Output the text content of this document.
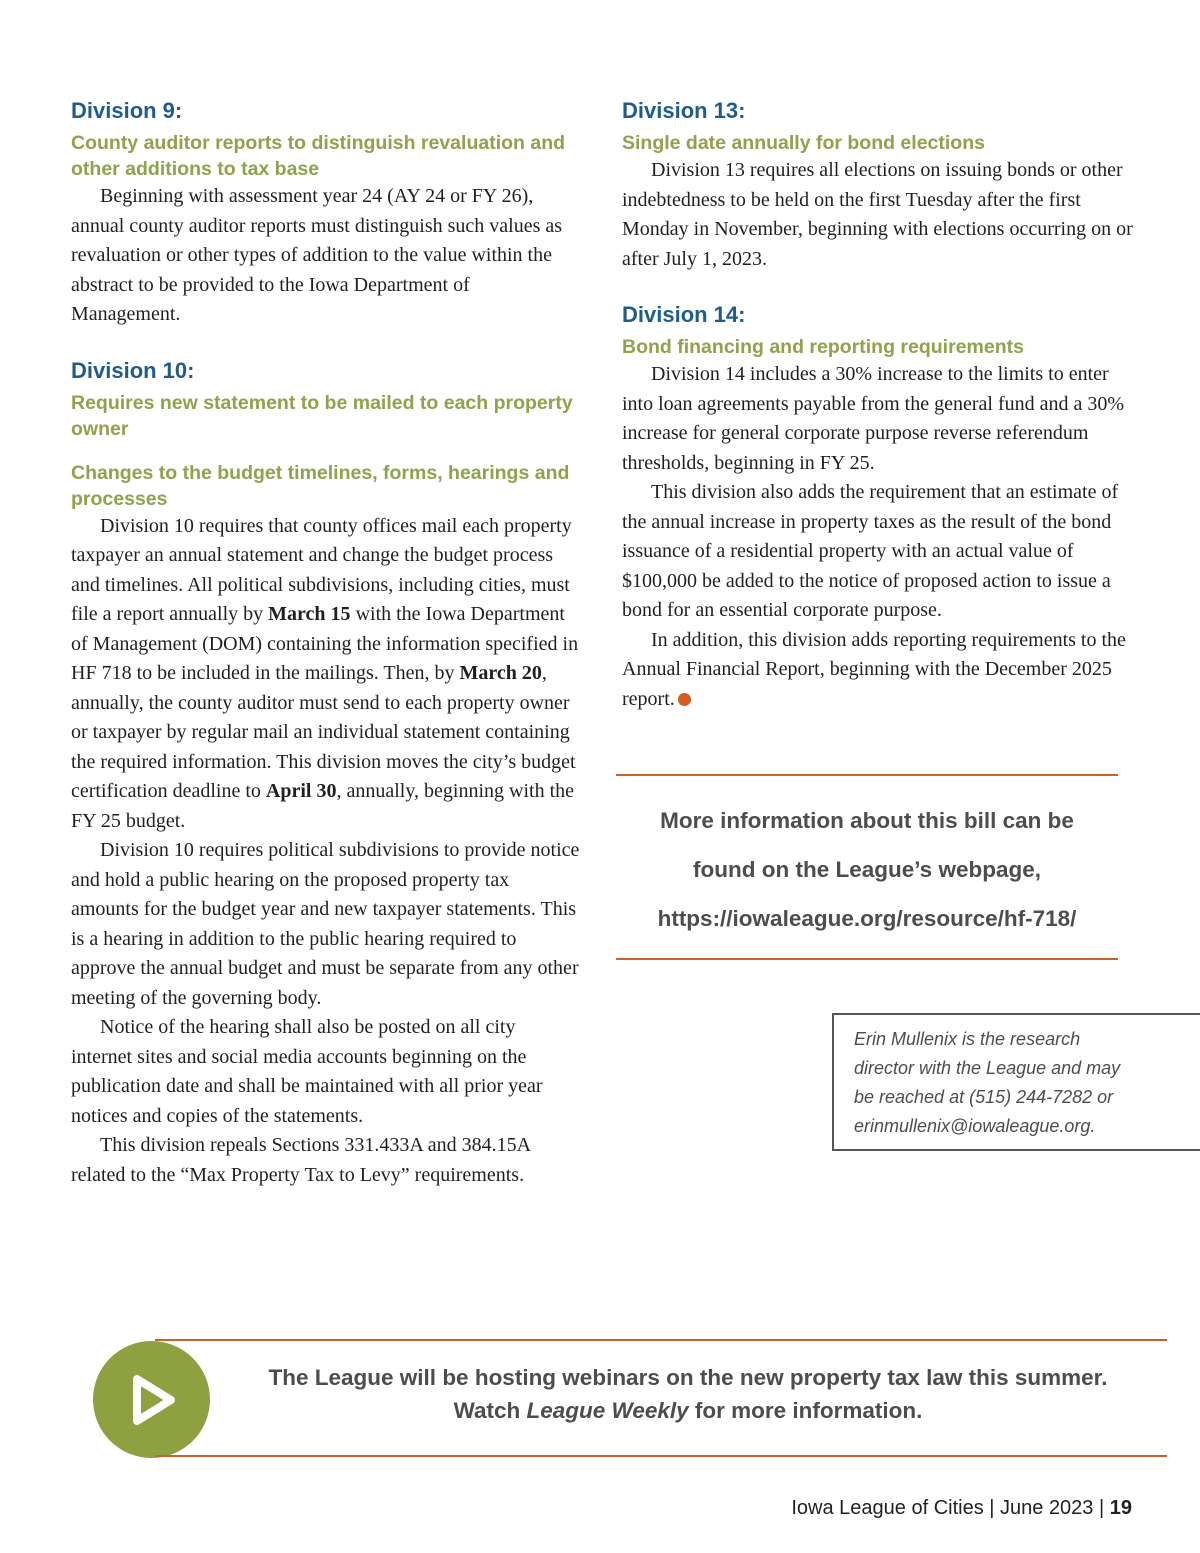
Division 9:
County auditor reports to distinguish revaluation and other additions to tax base

Beginning with assessment year 24 (AY 24 or FY 26), annual county auditor reports must distinguish such values as revaluation or other types of addition to the value within the abstract to be provided to the Iowa Department of Management.

Division 10:
Requires new statement to be mailed to each property owner
Changes to the budget timelines, forms, hearings and processes

Division 10 requires that county offices mail each property taxpayer an annual statement and change the budget process and timelines. All political subdivisions, including cities, must file a report annually by March 15 with the Iowa Department of Management (DOM) containing the information specified in HF 718 to be included in the mailings. Then, by March 20, annually, the county auditor must send to each property owner or taxpayer by regular mail an individual statement containing the required information. This division moves the city’s budget certification deadline to April 30, annually, beginning with the FY 25 budget.

Division 10 requires political subdivisions to provide notice and hold a public hearing on the proposed property tax amounts for the budget year and new taxpayer statements. This is a hearing in addition to the public hearing required to approve the annual budget and must be separate from any other meeting of the governing body.

Notice of the hearing shall also be posted on all city internet sites and social media accounts beginning on the publication date and shall be maintained with all prior year notices and copies of the statements.

This division repeals Sections 331.433A and 384.15A related to the “Max Property Tax to Levy” requirements.

Division 13:
Single date annually for bond elections

Division 13 requires all elections on issuing bonds or other indebtedness to be held on the first Tuesday after the first Monday in November, beginning with elections occurring on or after July 1, 2023.

Division 14:
Bond financing and reporting requirements

Division 14 includes a 30% increase to the limits to enter into loan agreements payable from the general fund and a 30% increase for general corporate purpose reverse referendum thresholds, beginning in FY 25.

This division also adds the requirement that an estimate of the annual increase in property taxes as the result of the bond issuance of a residential property with an actual value of $100,000 be added to the notice of proposed action to issue a bond for an essential corporate purpose.

In addition, this division adds reporting requirements to the Annual Financial Report, beginning with the December 2025 report.

More information about this bill can be
found on the League’s webpage,
https://iowaleague.org/resource/hf-718/
Erin Mullenix is the research
director with the League and may
be reached at (515) 244-7282 or
erinmullenix@iowaleague.org.
The League will be hosting webinars on the new property tax law this summer.
Watch League Weekly for more information.
Iowa League of Cities | June 2023 | 19
